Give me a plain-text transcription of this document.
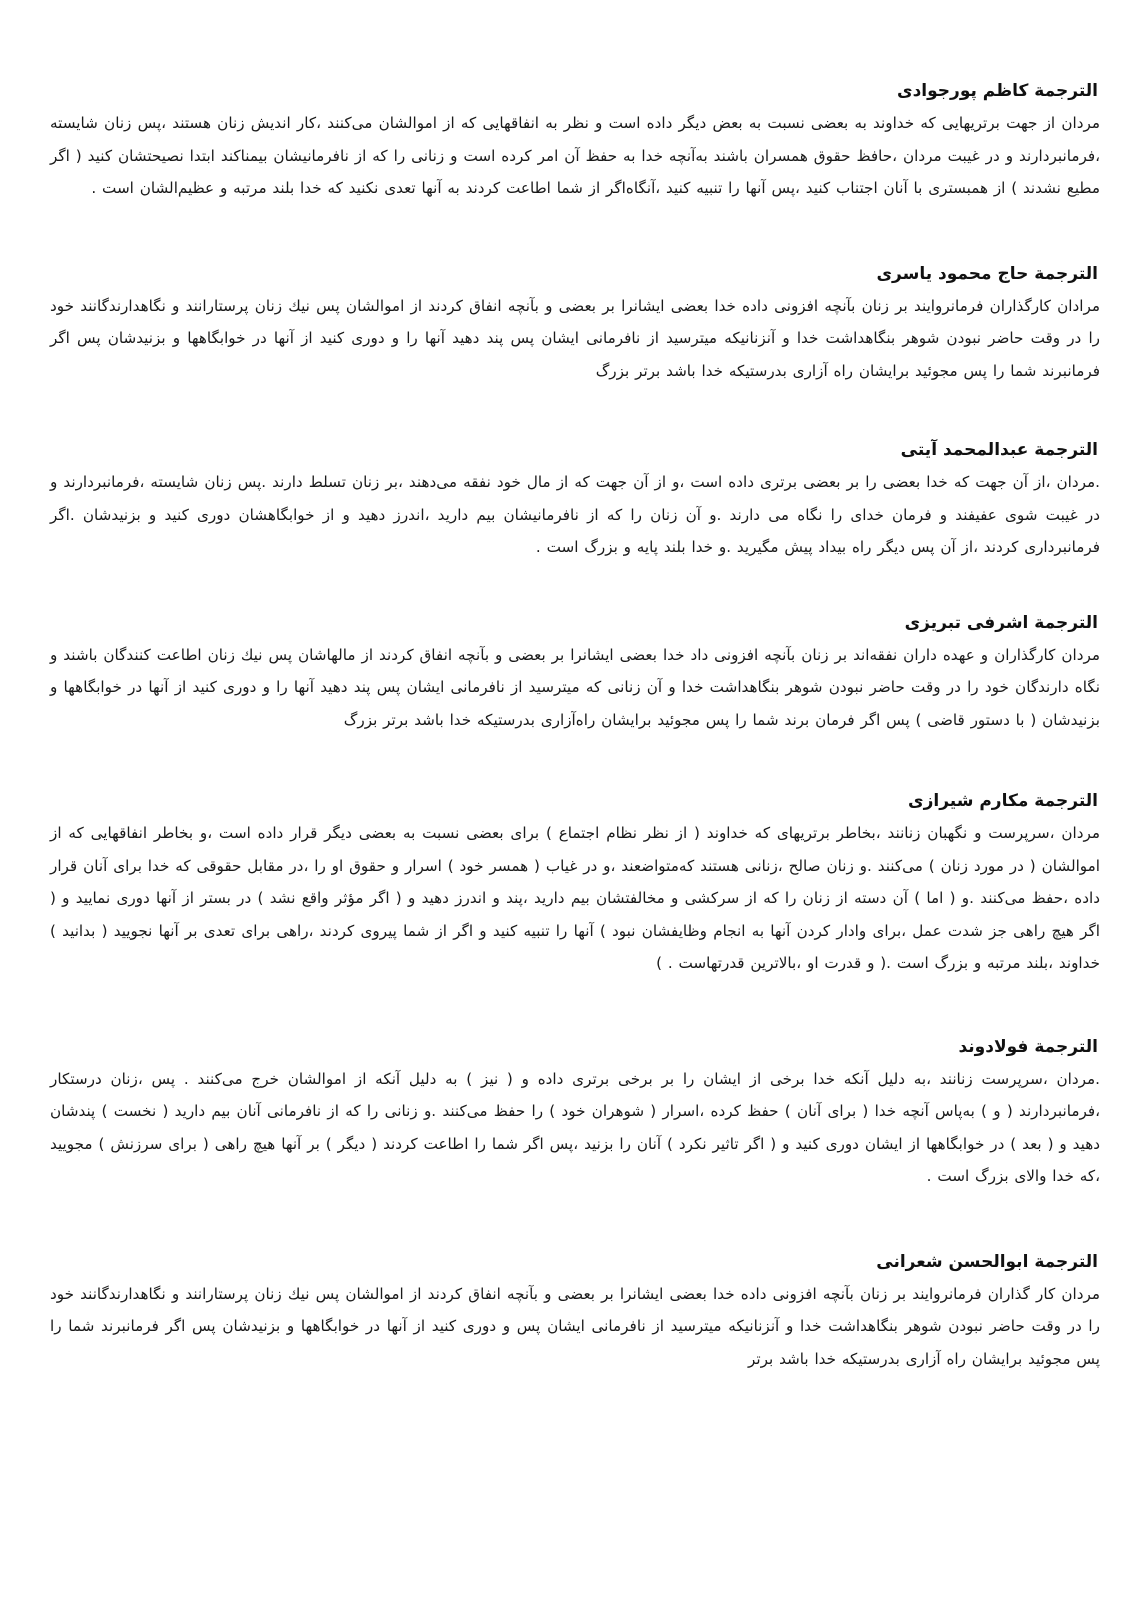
الترجمة كاظم پورجوادى

مردان از جهت برتريهايى كه خداوند به بعضى نسبت به بعض ديگر داده است و نظر به انفاقهايى كه از اموالشان مى‌كنند ،كار انديش زنان هستند ،پس زنان شايسته ،فرمانبردارند و در غيبت مردان ،حافظ حقوق همسران باشند به‌آنچه خدا به حفظ آن امر كرده است و زنانى را كه از نافرمانيشان بيمناكند ابتدا نصيحتشان كنيد ( اگر مطيع نشدند ) از همبسترى با آنان اجتناب كنيد ،پس آنها را تنبيه كنيد ،آنگاه‌اگر از شما اطاعت كردند به آنها تعدى نكنيد كه خدا بلند مرتبه و عظيم‌الشان است .

الترجمة حاج محمود ياسرى

مرادان كارگذاران فرمانروايند بر زنان بآنچه افزونى داده خدا بعضى ايشانرا بر بعضى و بآنچه انفاق كردند از اموالشان پس نيك زنان پرستارانند و نگاهدارندگانند خود را در وقت حاضر نبودن شوهر بنگاهداشت خدا و آنزنانيكه ميترسيد از نافرمانى ايشان پس پند دهيد آنها را و دورى كنيد از آنها در خوابگاهها و بزنيدشان پس اگر فرمانبرند شما را پس مجوئيد برايشان راه آزارى بدرستيكه خدا باشد برتر بزرگ

الترجمة عبدالمحمد آيتى

.مردان ،از آن جهت كه خدا بعضى را بر بعضى برترى داده است ،و از آن جهت كه از مال خود نفقه مى‌دهند ،بر زنان تسلط دارند .پس زنان شايسته ،فرمانبردارند و در غيبت شوى عفيفند و فرمان خداى را نگاه مى دارند .و آن زنان را كه از نافرمانيشان بيم داريد ،اندرز دهيد و از خوابگاهشان دورى كنيد و بزنيدشان .اگر فرمانبردارى كردند ،از آن پس ديگر راه بيداد پيش مگيريد .و خدا بلند پايه و بزرگ است .

الترجمة اشرفى تبريزى

مردان كارگذاران و عهده داران نفقه‌اند بر زنان بآنچه افزونى داد خدا بعضى ايشانرا بر بعضى و بآنچه انفاق كردند از مالهاشان پس نيك زنان اطاعت كنندگان باشند و نگاه دارندگان خود را در وقت حاضر نبودن شوهر بنگاهداشت خدا و آن زنانى كه ميترسيد از نافرمانى ايشان پس پند دهيد آنها را و دورى كنيد از آنها در خوابگاهها و بزنيدشان ( با دستور قاضى ) پس اگر فرمان برند شما را پس مجوئيد برايشان راه‌آزارى بدرستيكه خدا باشد برتر بزرگ

الترجمة مكارم شيرازى

مردان ،سرپرست و نگهبان زنانند ،بخاطر برتريهاى كه خداوند ( از نظر نظام اجتماع ) براى بعضى نسبت به بعضى ديگر قرار داده است ،و بخاطر انفاقهايى كه از اموالشان ( در مورد زنان ) مى‌كنند .و زنان صالح ،زنانى هستند كه‌متواضعند ،و در غياب ( همسر خود ) اسرار و حقوق او را ،در مقابل حقوقى كه خدا براى آنان قرار داده ،حفظ مى‌كنند .و ( اما ) آن دسته از زنان را كه از سركشى و مخالفتشان بيم داريد ،پند و اندرز دهيد و ( اگر مؤثر واقع نشد ) در بستر از آنها دورى نماييد و ( اگر هيچ راهى جز شدت عمل ،براى وادار كردن آنها به انجام وظايفشان نبود ) آنها را تنبيه كنيد و اگر از شما پيروى كردند ،راهى براى تعدى بر آنها نجوييد ( بدانيد ) خداوند ،بلند مرتبه و بزرگ است .( و قدرت او ،بالاترين قدرتهاست . )

الترجمة فولادوند

.مردان ،سرپرست زنانند ،به دليل آنكه خدا برخى از ايشان را بر برخى برترى داده و ( نيز ) به دليل آنكه از اموالشان خرج مى‌كنند . پس ،زنان درستكار ،فرمانبردارند ( و ) به‌پاس آنچه خدا ( براى آنان ) حفظ كرده ،اسرار ( شوهران خود ) را حفظ مى‌كنند .و زنانى را كه از نافرمانى آنان بيم داريد ( نخست ) پندشان دهيد و ( بعد ) در خوابگاهها از ايشان دورى كنيد و ( اگر تاثير نكرد ) آنان را بزنيد ،پس اگر شما را اطاعت كردند ( ديگر ) بر آنها هيچ راهى ( براى سرزنش ) مجوييد ،كه خدا والاى بزرگ است .

الترجمة ابوالحسن شعرانى

مردان كار گذاران فرمانروايند بر زنان بآنچه افزونى داده خدا بعضى ايشانرا بر بعضى و بآنچه انفاق كردند از اموالشان پس نيك زنان پرستارانند و نگاهدارندگانند خود را در وقت حاضر نبودن شوهر بنگاهداشت خدا و آنزنانيكه ميترسيد از نافرمانى ايشان پس و دورى كنيد از آنها در خوابگاهها و بزنيدشان پس اگر فرمانبرند شما را پس مجوئيد برايشان راه آزارى بدرستيكه خدا باشد برتر
